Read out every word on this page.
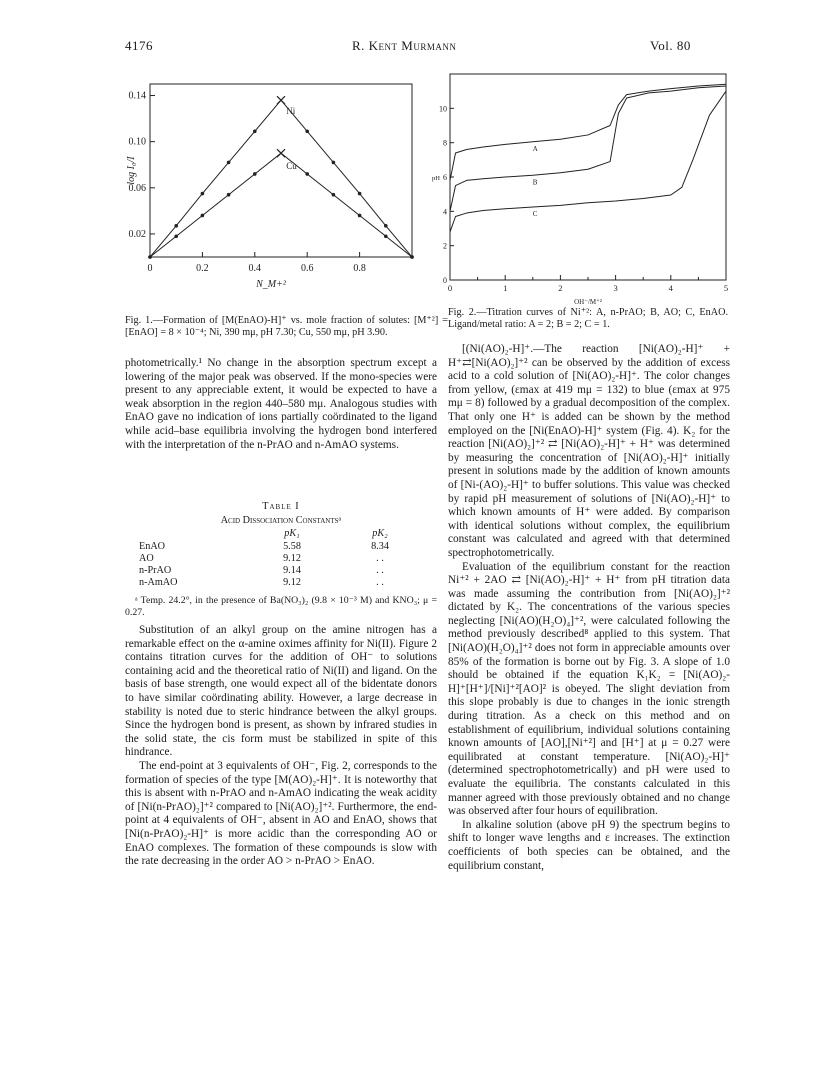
4176	R. Kent Murmann	Vol. 80
0	0.2	0.4	0.6	0.8
0.02
0.06
0.10
0.14
N_M+²
log I₀/I
Ni
Cu
Fig. 1.—Formation of [M(EnAO)-H]⁺ vs. mole fraction of solutes: [M⁺²] = [EnAO] = 8 × 10⁻⁴; Ni, 390 mμ, pH 7.30; Cu, 550 mμ, pH 3.90.
0	1	2	3	4	5
0
2
4
6
8
10
OH⁻/M⁺²
pH
A
B
C
Fig. 2.—Titration curves of Ni⁺²: A, n-PrAO; B, AO; C, EnAO. Ligand/metal ratio: A = 2; B = 2; C = 1.

photometrically.¹ No change in the absorption spectrum except a lowering of the major peak was observed. If the mono-species were present to any appreciable extent, it would be expected to have a weak absorption in the region 440–580 mμ. Analogous studies with EnAO gave no indication of ions partially coördinated to the ligand while acid–base equilibria involving the hydrogen bond interfered with the interpretation of the n-PrAO and n-AmAO systems.

Table I
Acid Dissociation Constantsᵃ
	pK₁	pK₂
EnAO	5.58	8.34
AO	9.12	. .
n-PrAO	9.14	. .
n-AmAO	9.12	. .
ᵃ Temp. 24.2°, in the presence of Ba(NO₃)₂ (9.8 × 10⁻³ M) and KNO₃; μ = 0.27.

Substitution of an alkyl group on the amine nitrogen has a remarkable effect on the α-amine oximes affinity for Ni(II). Figure 2 contains titration curves for the addition of OH⁻ to solutions containing acid and the theoretical ratio of Ni(II) and ligand. On the basis of base strength, one would expect all of the bidentate donors to have similar coördinating ability. However, a large decrease in stability is noted due to steric hindrance between the alkyl groups. Since the hydrogen bond is present, as shown by infrared studies in the solid state, the cis form must be stabilized in spite of this hindrance.

The end-point at 3 equivalents of OH⁻, Fig. 2, corresponds to the formation of species of the type [M(AO)₂-H]⁺. It is noteworthy that this is absent with n-PrAO and n-AmAO indicating the weak acidity of [Ni(n-PrAO)₂]⁺² compared to [Ni(AO)₂]⁺². Furthermore, the end-point at 4 equivalents of OH⁻, absent in AO and EnAO, shows that [Ni(n-PrAO)₂-H]⁺ is more acidic than the corresponding AO or EnAO complexes. The formation of these compounds is slow with the rate decreasing in the order AO > n-PrAO > EnAO.

[(Ni(AO)₂-H]⁺.—The reaction [Ni(AO)₂-H]⁺ + H⁺⇄[Ni(AO)₂]⁺² can be observed by the addition of excess acid to a cold solution of [Ni(AO)₂-H]⁺. The color changes from yellow, (εmax at 419 mμ = 132) to blue (εmax at 975 mμ = 8) followed by a gradual decomposition of the complex. That only one H⁺ is added can be shown by the method employed on the [Ni(EnAO)-H]⁺ system (Fig. 4). K₂ for the reaction [Ni(AO)₂]⁺² ⇄ [Ni(AO)₂-H]⁺ + H⁺ was determined by measuring the concentration of [Ni(AO)₂-H]⁺ initially present in solutions made by the addition of known amounts of [Ni-(AO)₂-H]⁺ to buffer solutions. This value was checked by rapid pH measurement of solutions of [Ni(AO)₂-H]⁺ to which known amounts of H⁺ were added. By comparison with identical solutions without complex, the equilibrium constant was calculated and agreed with that determined spectrophotometrically.

Evaluation of the equilibrium constant for the reaction Ni⁺² + 2AO ⇄ [Ni(AO)₂-H]⁺ + H⁺ from pH titration data was made assuming the contribution from [Ni(AO)₂]⁺² dictated by K₂. The concentrations of the various species neglecting [Ni(AO)(H₂O)₄]⁺², were calculated following the method previously described⁸ applied to this system. That [Ni(AO)(H₂O)₄]⁺² does not form in appreciable amounts over 85% of the formation is borne out by Fig. 3. A slope of 1.0 should be obtained if the equation K₁K₂ = [Ni(AO)₂-H]⁺[H⁺]/[Ni]⁺²[AO]² is obeyed. The slight deviation from this slope probably is due to changes in the ionic strength during titration. As a check on this method and on establishment of equilibrium, individual solutions containing known amounts of [AO],[Ni⁺²] and [H⁺] at μ = 0.27 were equilibrated at constant temperature. [Ni(AO)₂-H]⁺ (determined spectrophotometrically) and pH were used to evaluate the equilibria. The constants calculated in this manner agreed with those previously obtained and no change was observed after four hours of equilibration.

In alkaline solution (above pH 9) the spectrum begins to shift to longer wave lengths and ε increases. The extinction coefficients of both species can be obtained, and the equilibrium constant,
